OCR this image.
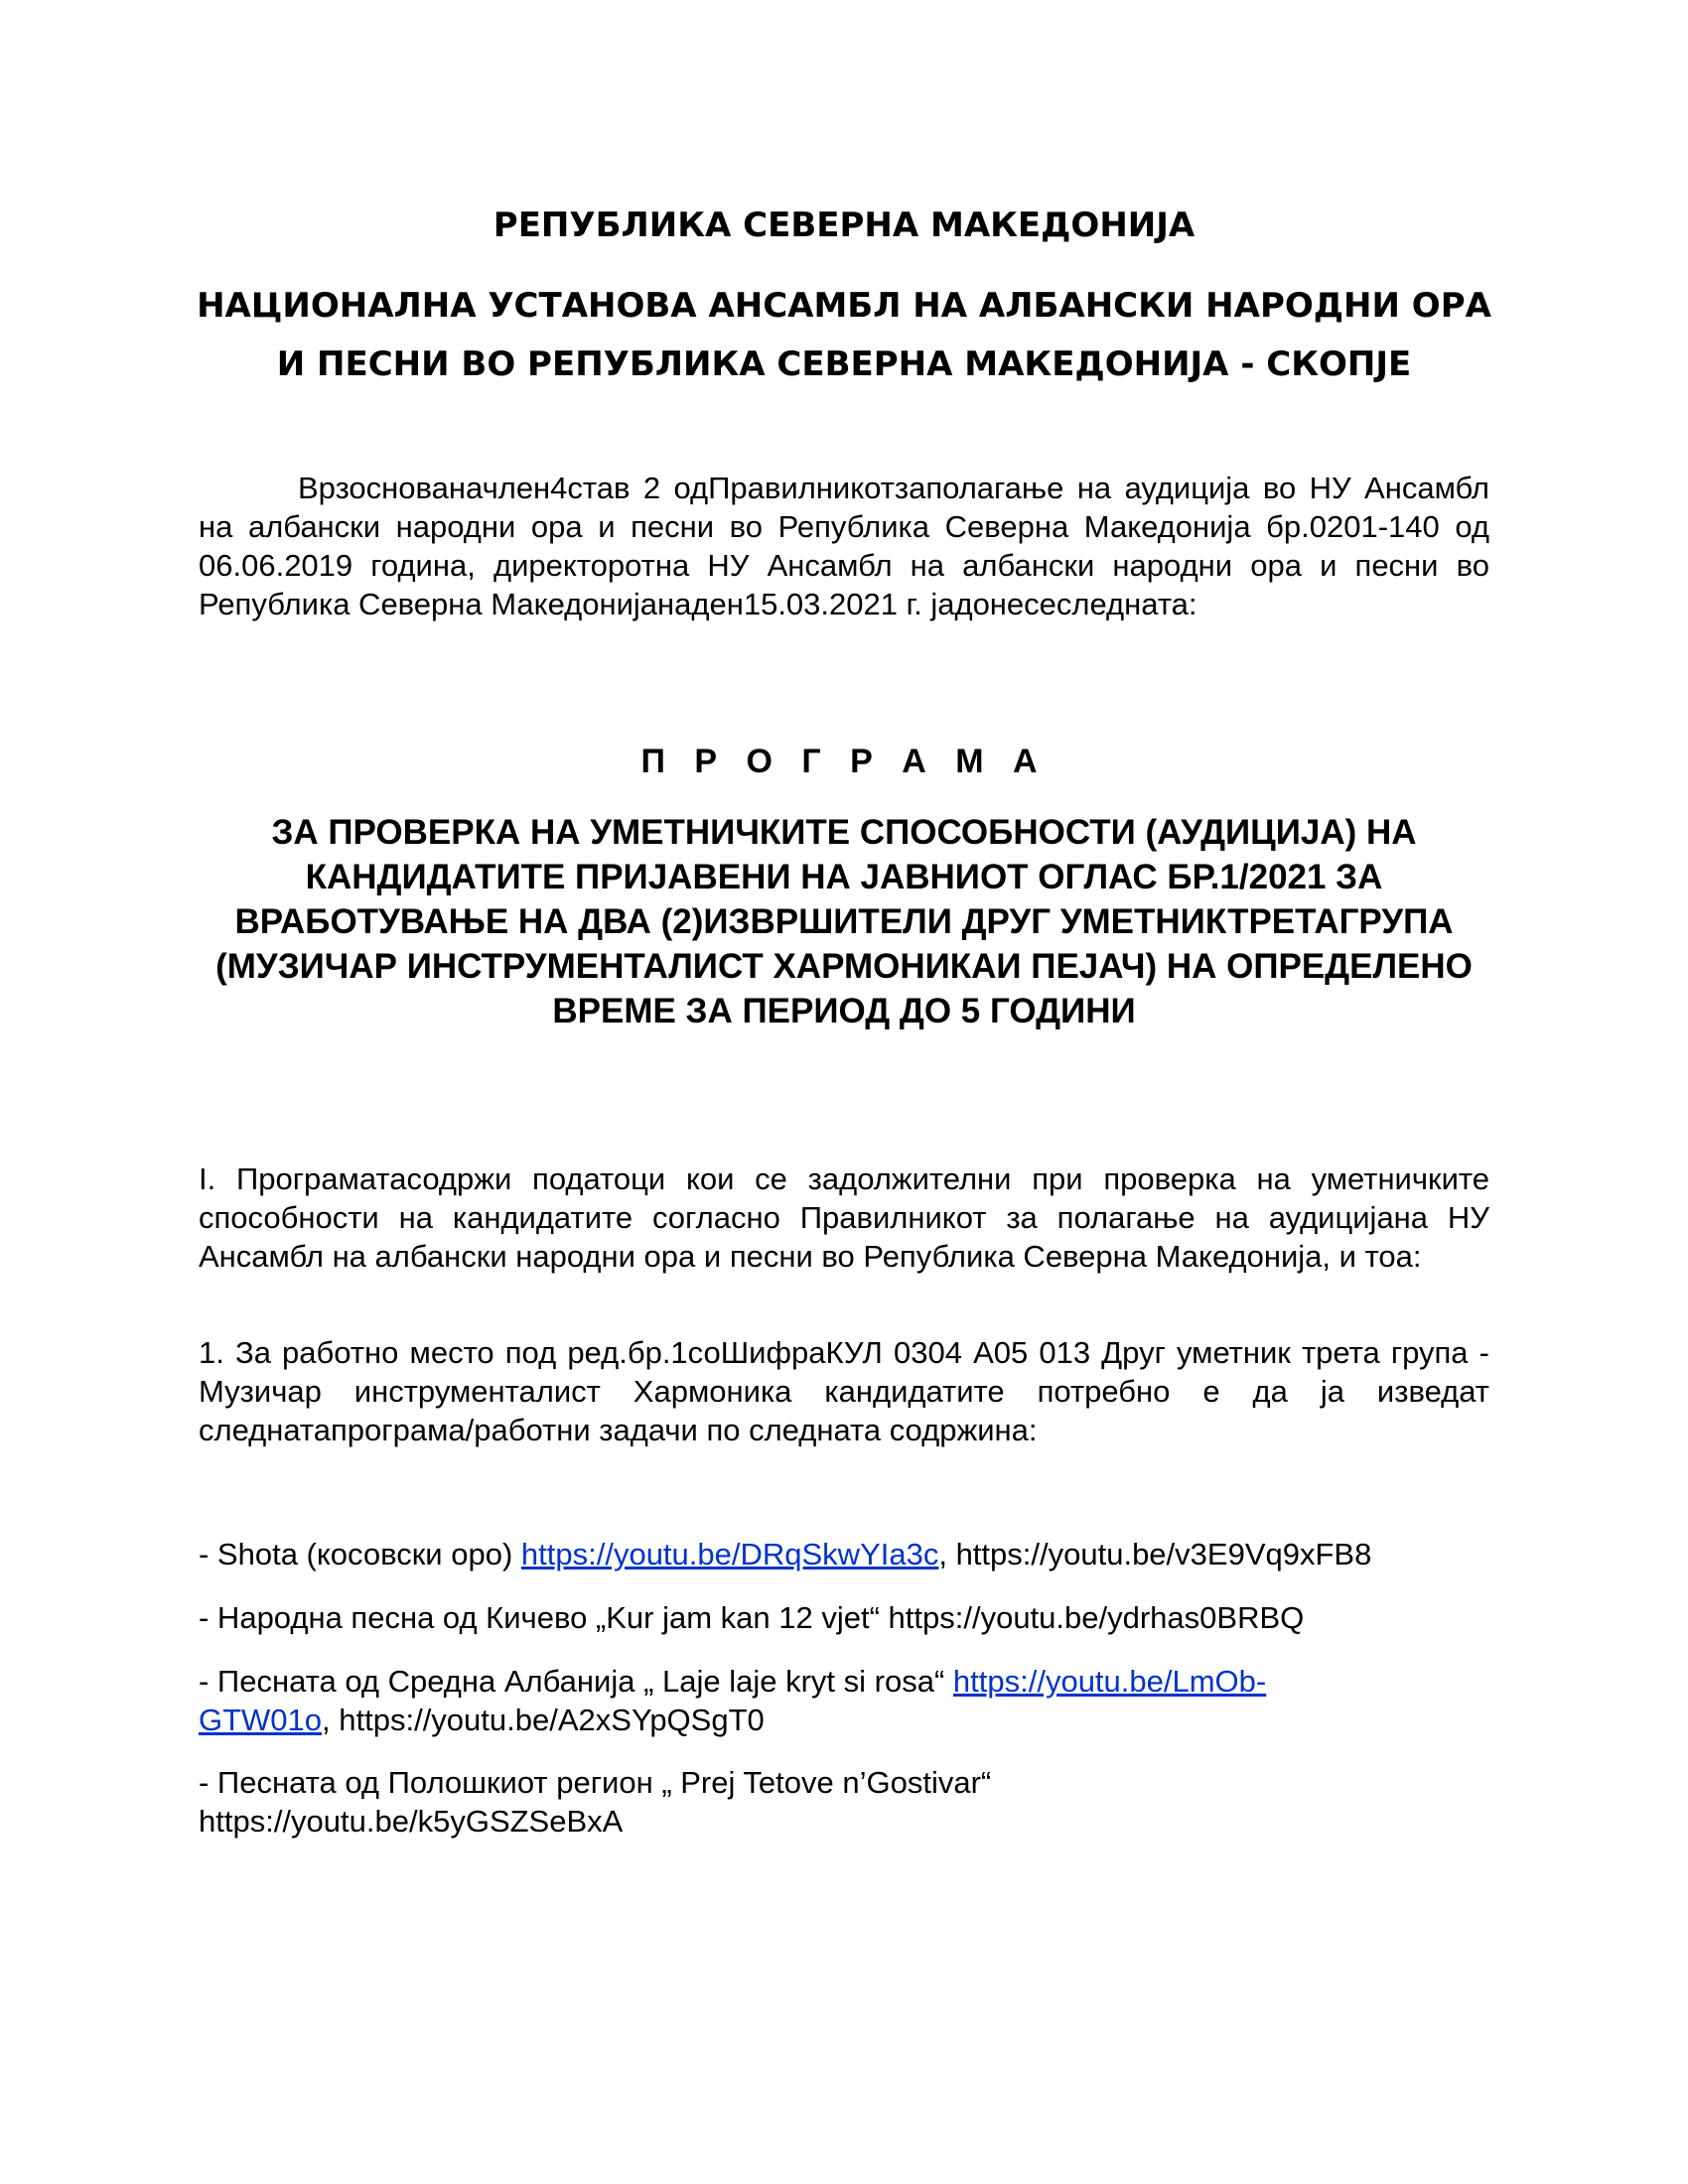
РЕПУБЛИКА СЕВЕРНА МАКЕДОНИЈА
НАЦИОНАЛНА УСТАНОВА АНСАМБЛ НА АЛБАНСКИ НАРОДНИ ОРА
И ПЕСНИ ВО РЕПУБЛИКА СЕВЕРНА МАКЕДОНИЈА - СКОПЈЕ

Врзоснованачлен4став 2 одПравилникотзаполагање на аудиција во НУ Ансамбл на албански народни ора и песни во Република Северна Македонија бр.0201-140 од 06.06.2019 година, директоротна НУ Ансамбл на албански народни ора и песни во Република Северна Македонијанаден15.03.2021 г. јадонесеследната:

П Р О Г Р А М А
ЗА ПРОВЕРКА НА УМЕТНИЧКИТЕ СПОСОБНОСТИ (АУДИЦИЈА) НА КАНДИДАТИТЕ ПРИЈАВЕНИ НА ЈАВНИОТ ОГЛАС БР.1/2021 ЗА ВРАБОТУВАЊЕ НА ДВА (2)ИЗВРШИТЕЛИ ДРУГ УМЕТНИКТРЕТАГРУПА (МУЗИЧАР ИНСТРУМЕНТАЛИСТ ХАРМОНИКАИ ПЕЈАЧ) НА ОПРЕДЕЛЕНО ВРЕМЕ ЗА ПЕРИОД ДО 5 ГОДИНИ

I. Програматасодржи податоци кои се задолжителни при проверка на уметничките способности на кандидатите согласно Правилникот за полагање на аудицијана НУ Ансамбл на албански народни ора и песни во Република Северна Македонија, и тоа:

1. За работно место под ред.бр.1соШифраКУЛ 0304 А05 013 Друг уметник трета група - Музичар инструменталист Хармоника кандидатите потребно е да ја изведат следнатапрограма/работни задачи по следната содржина:

- Shota (косовски оро) https://youtu.be/DRqSkwYIa3c, https://youtu.be/v3E9Vq9xFB8

- Народна песна од Кичево „Kur jam kan 12 vjet“ https://youtu.be/ydrhas0BRBQ

- Песната од Средна Албанија „ Laje laje kryt si rosa“ https://youtu.be/LmOb-
GTW01o, https://youtu.be/A2xSYpQSgT0

- Песната од Полошкиот регион „ Prej Tetove n’Gostivar“
https://youtu.be/k5yGSZSeBxA
